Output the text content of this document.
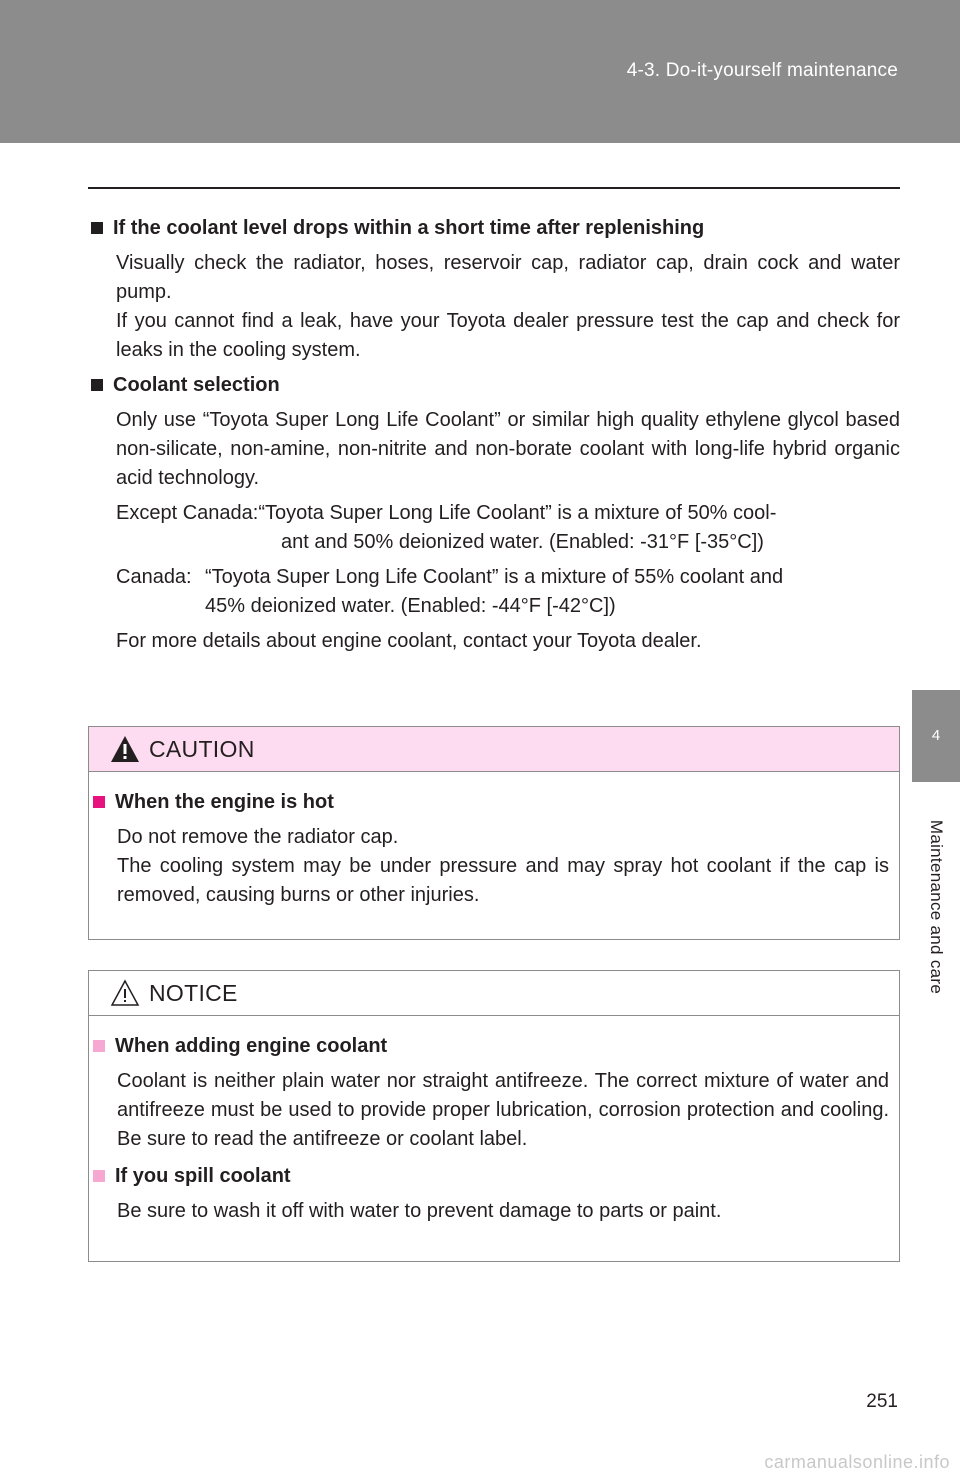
4-3. Do-it-yourself maintenance
4
Maintenance and care
If the coolant level drops within a short time after replenishing
Visually check the radiator, hoses, reservoir cap, radiator cap, drain cock and water pump.
If you cannot find a leak, have your Toyota dealer pressure test the cap and check for leaks in the cooling system.
Coolant selection
Only use “Toyota Super Long Life Coolant” or similar high quality ethylene glycol based non-silicate, non-amine, non-nitrite and non-borate coolant with long-life hybrid organic acid technology.
Except Canada: “Toyota Super Long Life Coolant” is a mixture of 50% cool-
ant and 50% deionized water. (Enabled: -31°F [-35°C])
Canada: “Toyota Super Long Life Coolant” is a mixture of 55% coolant and
45% deionized water. (Enabled: -44°F [-42°C])
For more details about engine coolant, contact your Toyota dealer.
CAUTION
When the engine is hot
Do not remove the radiator cap.
The cooling system may be under pressure and may spray hot coolant if the cap is removed, causing burns or other injuries.
NOTICE
When adding engine coolant
Coolant is neither plain water nor straight antifreeze. The correct mixture of water and antifreeze must be used to provide proper lubrication, corrosion protection and cooling. Be sure to read the antifreeze or coolant label.
If you spill coolant
Be sure to wash it off with water to prevent damage to parts or paint.
251
carmanualsonline.info
